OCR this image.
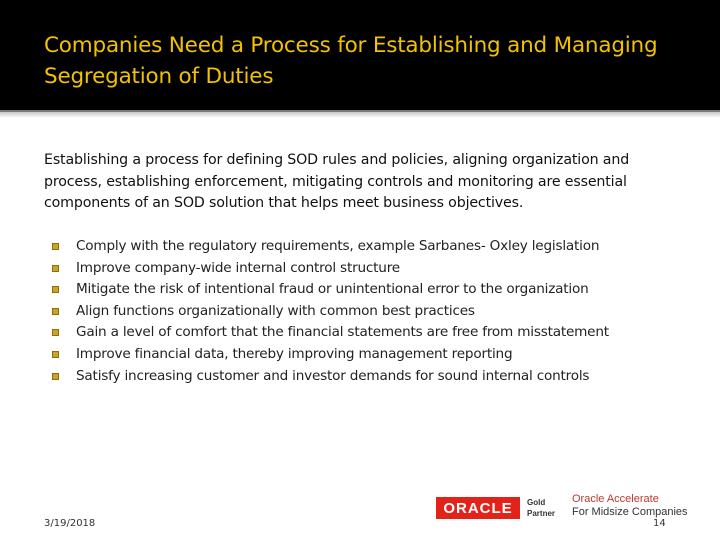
Companies Need a Process for Establishing and Managing Segregation of Duties
Establishing a process for defining SOD rules and policies, aligning organization and process, establishing enforcement, mitigating controls and monitoring are essential components of an SOD solution that helps meet business objectives.
Comply with the regulatory requirements, example Sarbanes- Oxley legislation
Improve company-wide internal control structure
Mitigate the risk of intentional fraud or unintentional error to the organization
Align functions organizationally with common best practices
Gain a level of comfort that the financial statements are free from misstatement
Improve financial data, thereby improving management reporting
Satisfy increasing customer and investor demands for sound internal controls
3/19/2018
ORACLE Gold
Partner
Oracle Accelerate
For Midsize Companies
14
